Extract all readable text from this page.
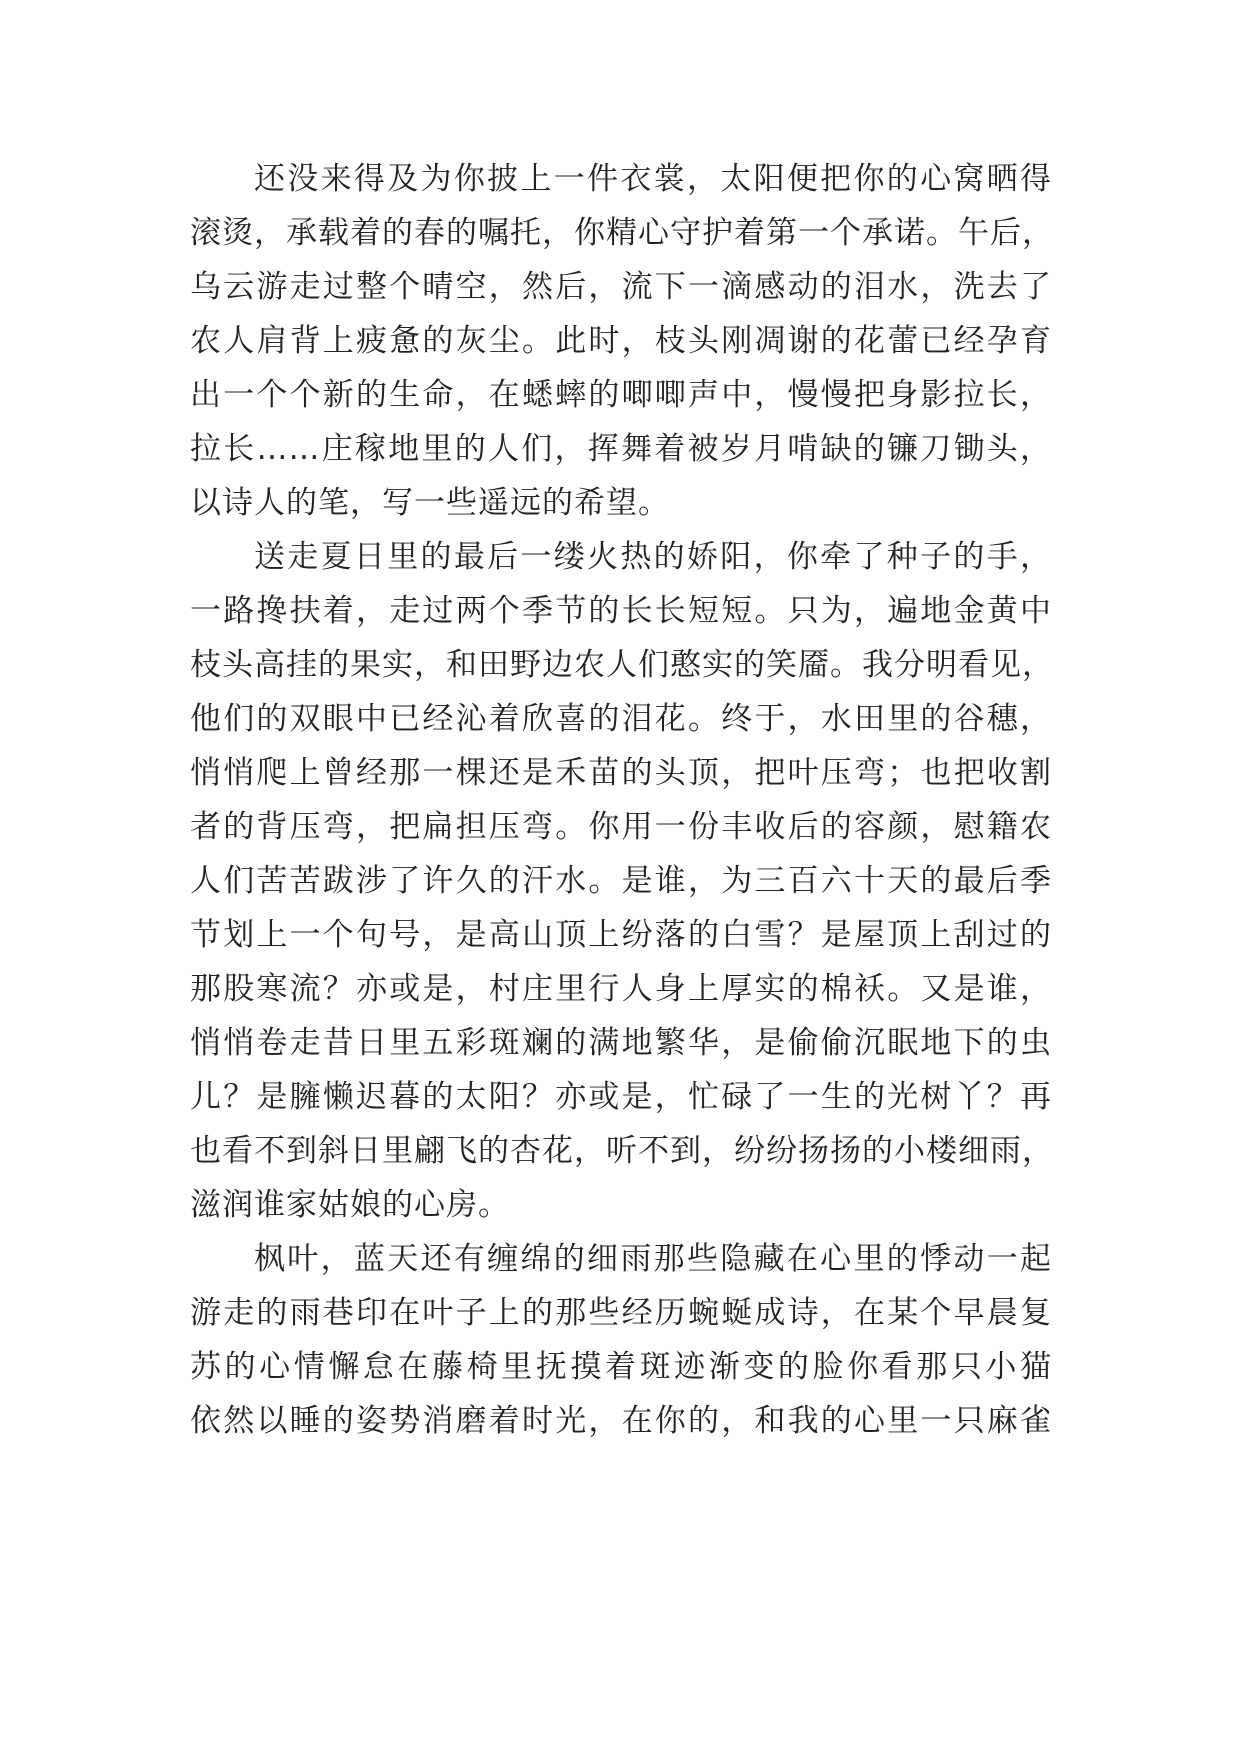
还没来得及为你披上一件衣裳，太阳便把你的心窝晒得
滚烫，承载着的春的嘱托，你精心守护着第一个承诺。午后，
乌云游走过整个晴空，然后，流下一滴感动的泪水，洗去了
农人肩背上疲惫的灰尘。此时，枝头刚凋谢的花蕾已经孕育
出一个个新的生命，在蟋蟀的唧唧声中，慢慢把身影拉长，
拉长……庄稼地里的人们，挥舞着被岁月啃缺的镰刀锄头，
以诗人的笔，写一些遥远的希望。
送走夏日里的最后一缕火热的娇阳，你牵了种子的手，
一路搀扶着，走过两个季节的长长短短。只为，遍地金黄中
枝头高挂的果实，和田野边农人们憨实的笑靥。我分明看见，
他们的双眼中已经沁着欣喜的泪花。终于，水田里的谷穗，
悄悄爬上曾经那一棵还是禾苗的头顶，把叶压弯；也把收割
者的背压弯，把扁担压弯。你用一份丰收后的容颜，慰籍农
人们苦苦跋涉了许久的汗水。是谁，为三百六十天的最后季
节划上一个句号，是高山顶上纷落的白雪？是屋顶上刮过的
那股寒流？亦或是，村庄里行人身上厚实的棉袄。又是谁，
悄悄卷走昔日里五彩斑斓的满地繁华，是偷偷沉眠地下的虫
儿？是臃懒迟暮的太阳？亦或是，忙碌了一生的光树丫？再
也看不到斜日里翩飞的杏花，听不到，纷纷扬扬的小楼细雨，
滋润谁家姑娘的心房。
枫叶，蓝天还有缠绵的细雨那些隐藏在心里的悸动一起
游走的雨巷印在叶子上的那些经历蜿蜒成诗，在某个早晨复
苏的心情懈怠在藤椅里抚摸着斑迹渐变的脸你看那只小猫
依然以睡的姿势消磨着时光，在你的，和我的心里一只麻雀
